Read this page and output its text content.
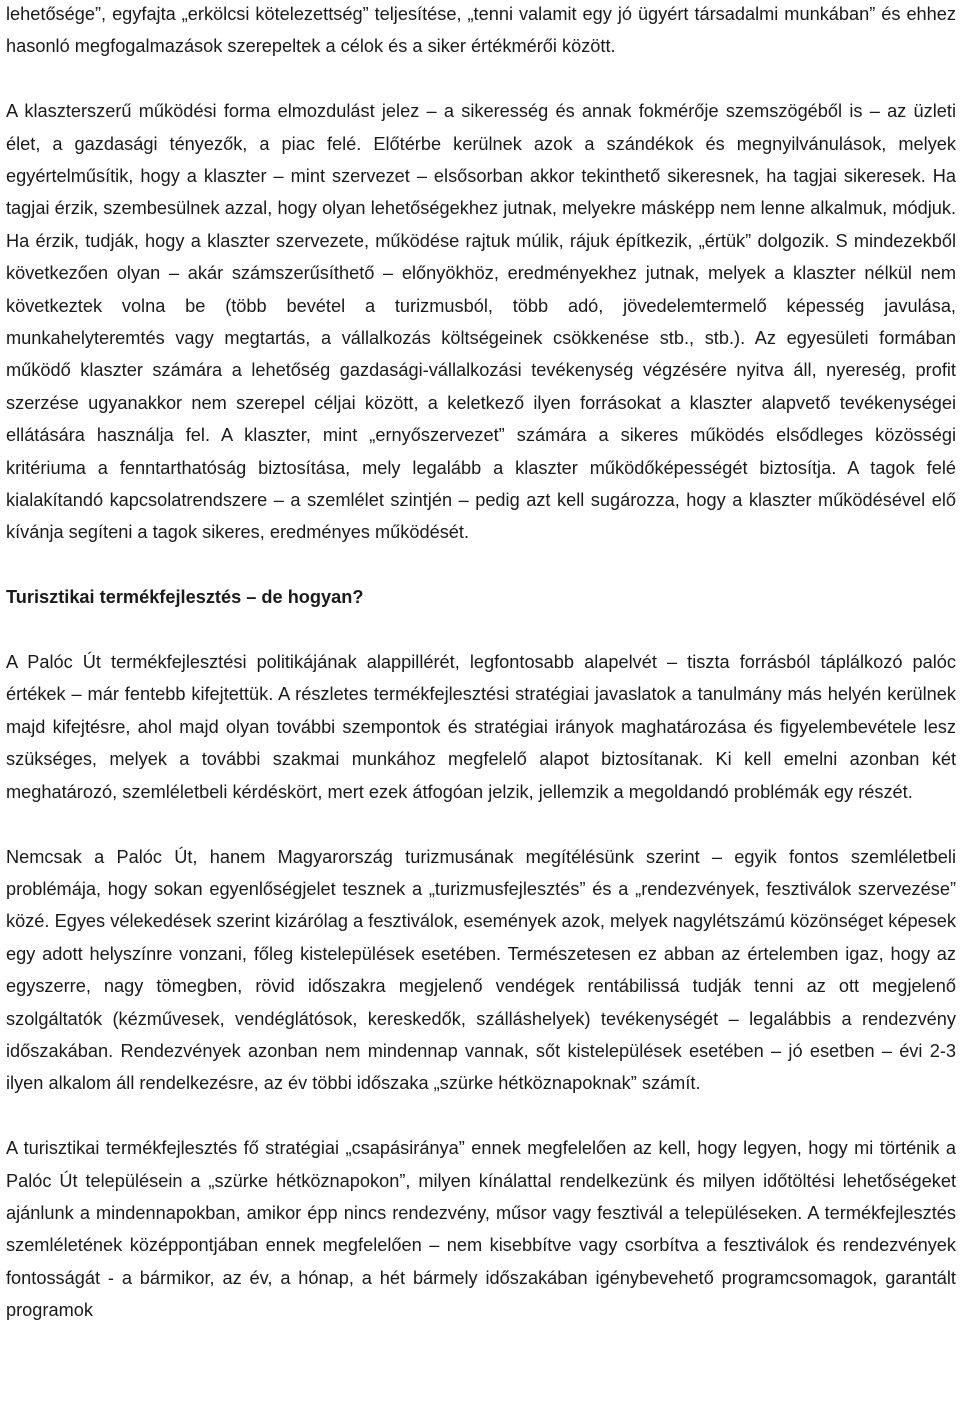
lehetősége”, egyfajta „erkölcsi kötelezettség” teljesítése, „tenni valamit egy jó ügyért társadalmi munkában” és ehhez hasonló megfogalmazások szerepeltek a célok és a siker értékmérői között.

A klaszterszerű működési forma elmozdulást jelez – a sikeresség és annak fokmérője szemszögéből is – az üzleti élet, a gazdasági tényezők, a piac felé. Előtérbe kerülnek azok a szándékok és megnyilvánulások, melyek egyértelműsítik, hogy a klaszter – mint szervezet – elsősorban akkor tekinthető sikeresnek, ha tagjai sikeresek. Ha tagjai érzik, szembesülnek azzal, hogy olyan lehetőségekhez jutnak, melyekre másképp nem lenne alkalmuk, módjuk. Ha érzik, tudják, hogy a klaszter szervezete, működése rajtuk múlik, rájuk építkezik, „értük” dolgozik. S mindezekből következően olyan – akár számszerűsíthető – előnyökhöz, eredményekhez jutnak, melyek a klaszter nélkül nem következtek volna be (több bevétel a turizmusból, több adó, jövedelemtermelő képesség javulása, munkahelyteremtés vagy megtartás, a vállalkozás költségeinek csökkenése stb., stb.). Az egyesületi formában működő klaszter számára a lehetőség gazdasági-vállalkozási tevékenység végzésére nyitva áll, nyereség, profit szerzése ugyanakkor nem szerepel céljai között, a keletkező ilyen forrásokat a klaszter alapvető tevékenységei ellátására használja fel. A klaszter, mint „ernyőszervezet” számára a sikeres működés elsődleges közösségi kritériuma a fenntarthatóság biztosítása, mely legalább a klaszter működőképességét biztosítja. A tagok felé kialakítandó kapcsolatrendszere – a szemlélet szintjén – pedig azt kell sugározza, hogy a klaszter működésével elő kívánja segíteni a tagok sikeres, eredményes működését.

Turisztikai termékfejlesztés – de hogyan?

A Palóc Út termékfejlesztési politikájának alappillérét, legfontosabb alapelvét – tiszta forrásból táplálkozó palóc értékek – már fentebb kifejtettük. A részletes termékfejlesztési stratégiai javaslatok a tanulmány más helyén kerülnek majd kifejtésre, ahol majd olyan további szempontok és stratégiai irányok maghatározása és figyelembevétele lesz szükséges, melyek a további szakmai munkához megfelelő alapot biztosítanak. Ki kell emelni azonban két meghatározó, szemléletbeli kérdéskört, mert ezek átfogóan jelzik, jellemzik a megoldandó problémák egy részét.

Nemcsak a Palóc Út, hanem Magyarország turizmusának megítélésünk szerint – egyik fontos szemléletbeli problémája, hogy sokan egyenlőségjelet tesznek a „turizmusfejlesztés” és a „rendezvények, fesztiválok szervezése” közé. Egyes vélekedések szerint kizárólag a fesztiválok, események azok, melyek nagylétszámú közönséget képesek egy adott helyszínre vonzani, főleg kistelepülések esetében. Természetesen ez abban az értelemben igaz, hogy az egyszerre, nagy tömegben, rövid időszakra megjelenő vendégek rentábilissá tudják tenni az ott megjelenő szolgáltatók (kézművesek, vendéglátósok, kereskedők, szálláshelyek) tevékenységét – legalábbis a rendezvény időszakában. Rendezvények azonban nem mindennap vannak, sőt kistelepülések esetében – jó esetben – évi 2-3 ilyen alkalom áll rendelkezésre, az év többi időszaka „szürke hétköznapoknak” számít.

A turisztikai termékfejlesztés fő stratégiai „csapásiránya” ennek megfelelően az kell, hogy legyen, hogy mi történik a Palóc Út településein a „szürke hétköznapokon”, milyen kínálattal rendelkezünk és milyen időtöltési lehetőségeket ajánlunk a mindennapokban, amikor épp nincs rendezvény, műsor vagy fesztivál a településeken. A termékfejlesztés szemléletének középpontjában ennek megfelelően – nem kisebbítve vagy csorbítva a fesztiválok és rendezvények fontosságát - a bármikor, az év, a hónap, a hét bármely időszakában igénybevehető programcsomagok, garantált programok
